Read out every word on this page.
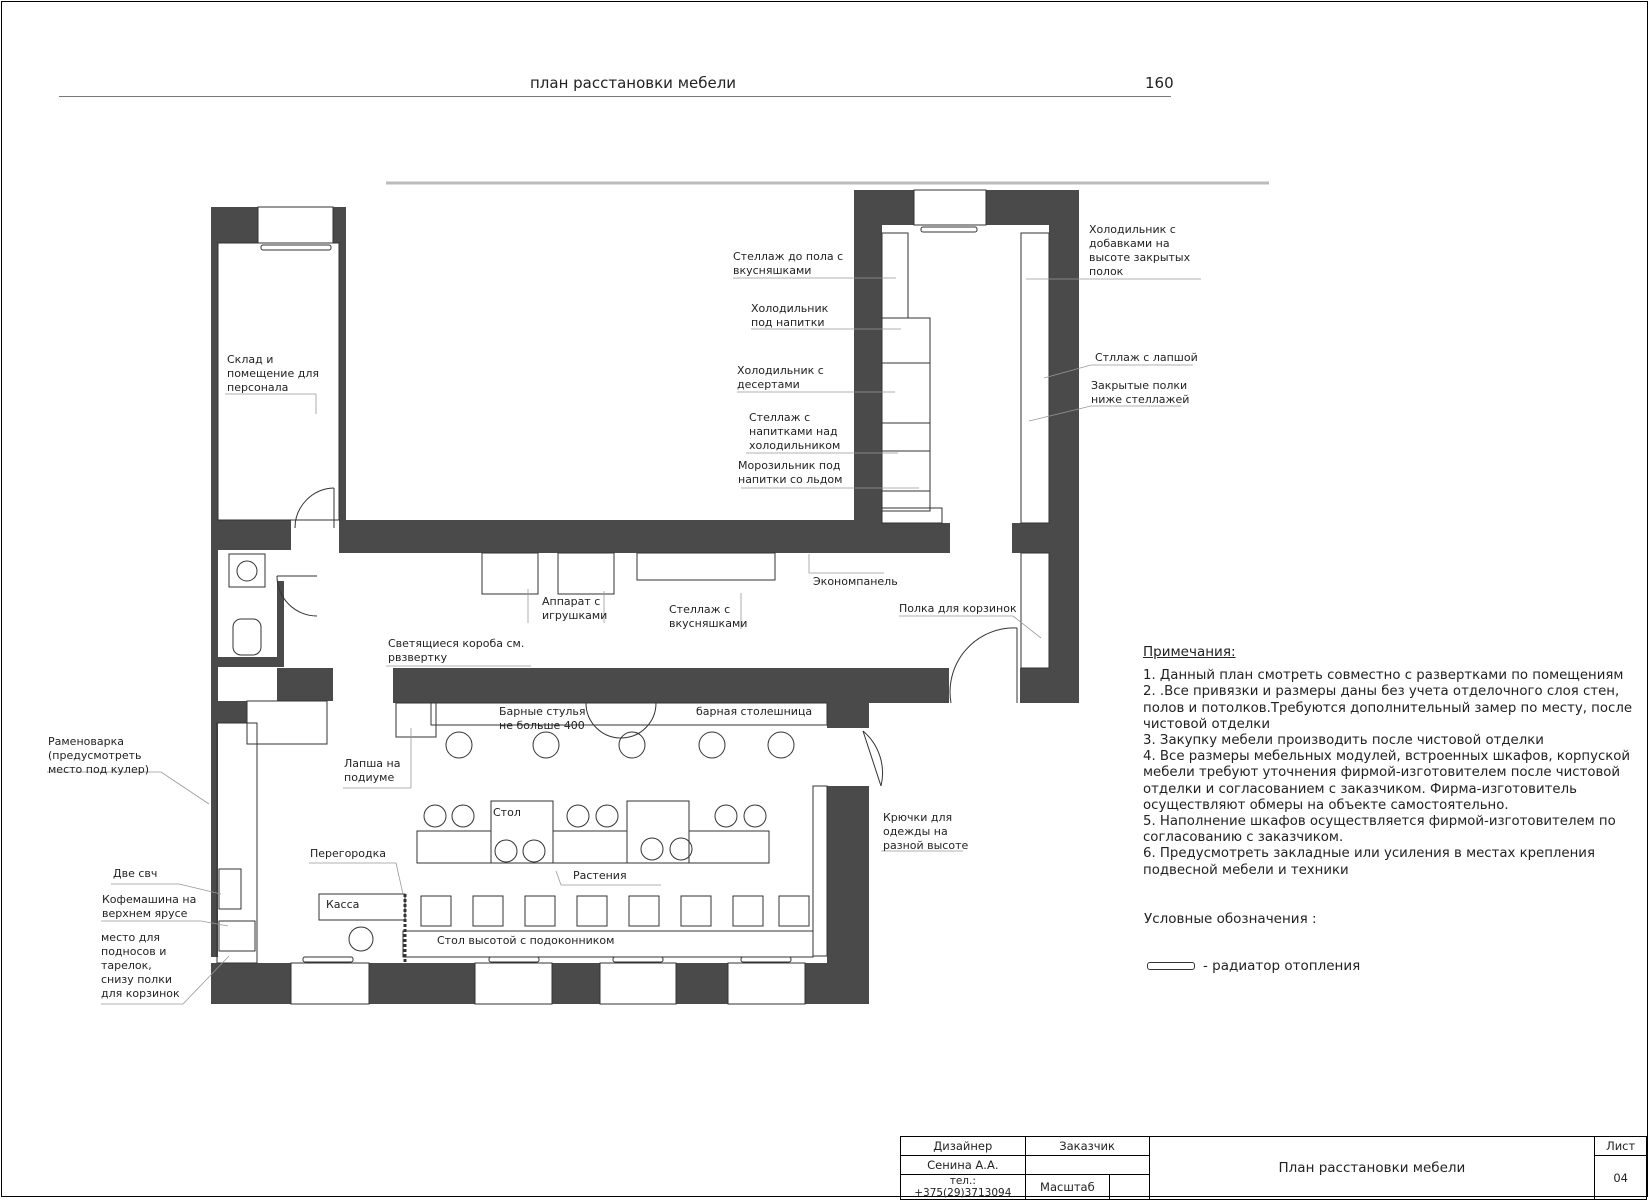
план расстановки мебели	160
Склад и помещение для персонала
Стеллаж до пола с вкусняшками
Холодильник под напитки
Холодильник с десертами
Стеллаж с напитками над холодильником
Морозильник под напитки со льдом
Холодильник с добавками на высоте закрытых полок
Стллаж с лапшой
Закрытые полки ниже стеллажей
Экономпанель
Аппарат с игрушками	Стеллаж с вкусняшками
Полка для корзинок
Светящиеся короба см. рвзвертку
Барные стулья не больше 400
барная столешница
Раменоварка (предусмотреть место под кулер)	Лапша на подиуме
Стол
Перегородка
Растения
Крючки для одежды на разной высоте
Две свч
Кофемашина на верхнем ярусе
место для подносов и тарелок, снизу полки для корзинок
Касса
Стол высотой с подоконником
Примечания:
1. Данный план смотреть совместно с развертками по помещениям
2. .Все привязки и размеры даны без учета отделочного слоя стен, полов и потолков.Требуются дополнительный замер по месту, после чистовой отделки
3. Закупку мебели производить после чистовой отделки
4. Все размеры мебельных модулей, встроенных шкафов, корпуской мебели требуют уточнения фирмой-изготовителем после чистовой отделки и согласованием с заказчиком. Фирма-изготовитель осуществляют обмеры на объекте самостоятельно.
5. Наполнение шкафов осуществляется фирмой-изготовителем по согласованию с заказчиком.
6. Предусмотреть закладные или усиления в местах крепления подвесной мебели и техники
Условные обозначения :
- радиатор отопления
Дизайнер	Заказчик		План расстановки мебели	Лист
Сенина А.А.				04
тел.: +375(29)3713094	Масштаб			
